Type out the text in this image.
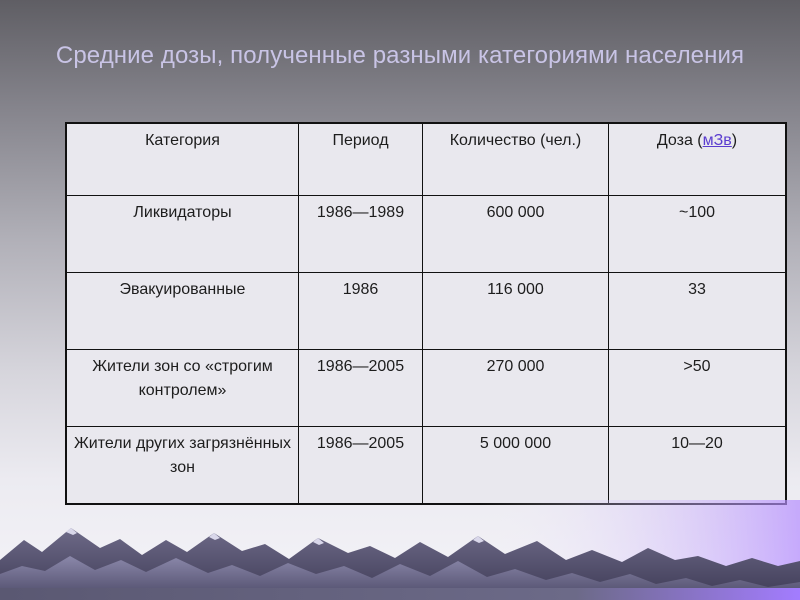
Средние дозы, полученные разными категориями населения
Категория	Период	Количество (чел.)	Доза (мЗв)
Ликвидаторы	1986—1989	600 000	~100
Эвакуированные	1986	116 000	33
Жители зон со «строгим контролем»	1986—2005	270 000	>50
Жители других загрязнённых зон	1986—2005	5 000 000	10—20
